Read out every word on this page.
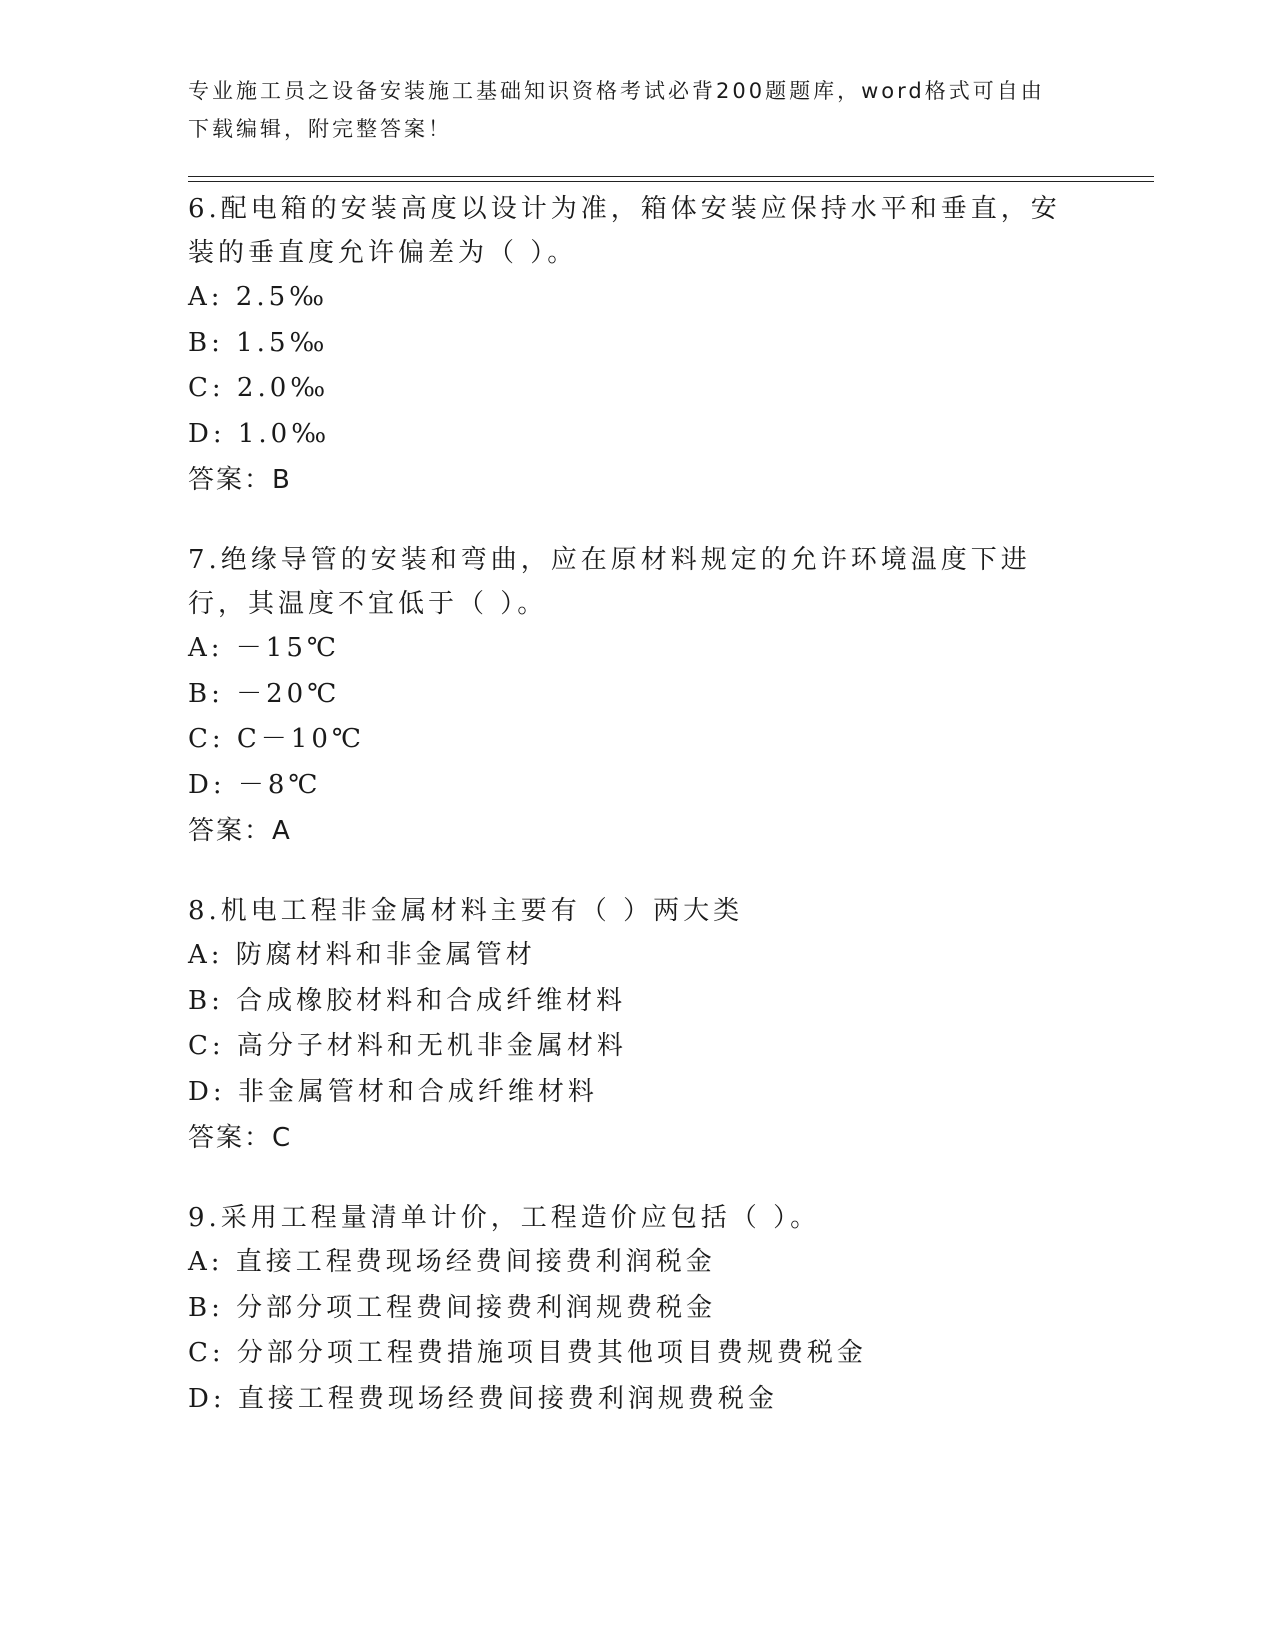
专业施工员之设备安装施工基础知识资格考试必背200题题库，word格式可自由
下载编辑，附完整答案！
6.配电箱的安装高度以设计为准，箱体安装应保持水平和垂直，安装的垂直度允许偏差为（ ）。
A: 2.5‰
B: 1.5‰
C: 2.0‰
D: 1.0‰
答案：B
7.绝缘导管的安装和弯曲，应在原材料规定的允许环境温度下进行，其温度不宜低于（ ）。
A: －15℃
B: －20℃
C: C－10℃
D: －8℃
答案：A
8.机电工程非金属材料主要有（ ）两大类
A: 防腐材料和非金属管材
B: 合成橡胶材料和合成纤维材料
C: 高分子材料和无机非金属材料
D: 非金属管材和合成纤维材料
答案：C
9.采用工程量清单计价，工程造价应包括（ ）。
A: 直接工程费现场经费间接费利润税金
B: 分部分项工程费间接费利润规费税金
C: 分部分项工程费措施项目费其他项目费规费税金
D: 直接工程费现场经费间接费利润规费税金
